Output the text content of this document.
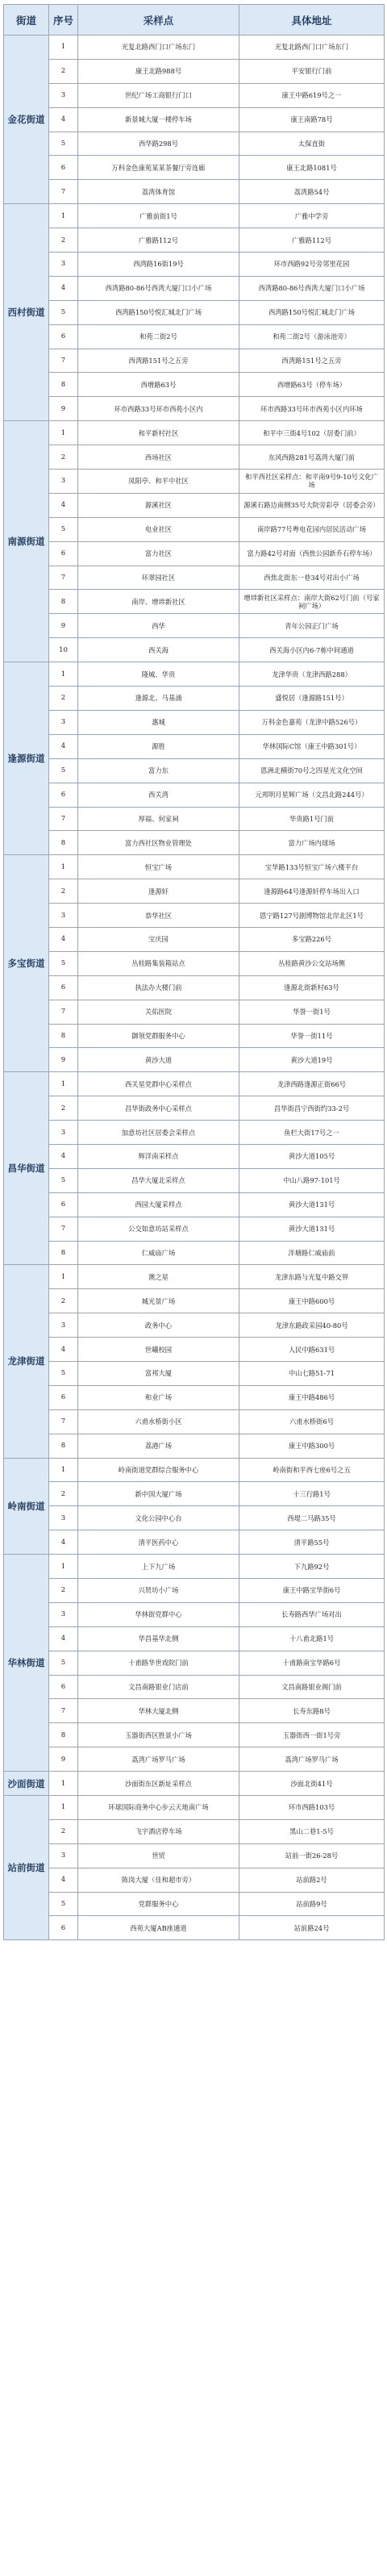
街道	序号	采样点	具体地址
金花街道	1	光复北路西门口广场东门	光复北路西门口广场东门
	2	康王北路988号	平安银行门前
	3	世纪广场工商银行门口	康王中路619号之一
	4	新景城大厦一楼停车场	康王南路78号
	5	西华路298号	太保直街
	6	万科金色康苑某某茶餐厅旁连廊	康王北路1081号
	7	荔湾体育馆	荔湾路54号
西村街道	1	广雅前街1号	广雅中学旁
	2	广雅路112号	广雅路112号
	3	西湾路16街19号	环市西路92号旁邻里花园
	4	西湾路80-86号西湾大厦门口小广场	西湾路80-86号西湾大厦门口小广场
	5	西湾路150号悦汇城北门广场	西湾路150号悦汇城北门广场
	6	和苑二街2号	和苑二街2号（游泳池旁）
	7	西湾路151号之五旁	西湾路151号之五旁
	8	西增路63号	西增路63号（停车场）
	9	环市西路33号环市西苑小区内	环市西路33号环市西苑小区内环场
南源街道	1	和平新村社区	和平中三街4号102（居委门前）
	2	西场社区	东风西路281号荔湾大厦门前
	3	凤阳亭、和平中社区	和平西社区采样点：和平南9号9-10号文化广场
	4	源溪社区	源溪石路边南侧35号大院旁彩亭（居委会旁）
	5	电业社区	南岸路77号粤电花园内居民活动广场
	6	富力社区	富力路42号对面（西焦公园新乔石停车场）
	7	环翠园社区	西焦北街东一巷34号对出小广场
	8	南岸、增埗新社区	增埗新社区采样点：南岸大街62号门前（号家祠广场）
	9	西华	青年公园正门广场
	10	西关海	西关海小区内6-7栋中间通道
逢源街道	1	隆城、华贵	龙津华贵（龙津西路288）
	2	逢源北、马基涌	盛悦居（逢源路151号）
	3	惠城	万科金色嘉苑（龙津中路526号）
	4	源胜	华林国际C馆（康王中路301号）
	5	富力东	恩洲北横街70号之四星光文化空间
	6	西关湾	元邦明月星辉广场（文昌北路244号）
	7	厚福、何家祠	华贵路1号门前
	8	富力西社区物业管理处	富力广场内球场
多宝街道	1	恒宝广场	宝华路133号恒宝广场六楼平台
	2	逢源轩	逢源路64号逢源轩停车场出入口
	3	恭华社区	恩宁路127号剧博物馆北岸北区1号
	4	宝庆园	多宝路226号
	5	丛桂路集装箱站点	丛桂路黄沙公交站场侧
	6	执法办大楼门前	逢源北街新村63号
	7	关佑医院	华誉一街1号
	8	御领党群服务中心	华誉一街11号
	9	黄沙大道	黄沙大道19号
昌华街道	1	西关星党群中心采样点	龙津西路逢源正街66号
	2	昌华街政务中心采样点	昌华街昌宁西街约33-2号
	3	加意坊社区居委会采样点	鱼栏大街17号之一
	4	辉洋南采样点	黄沙大道105号
	5	昌华大厦北采样点	中山八路97-101号
	6	西园大厦采样点	黄沙大道131号
	7	公交如意坊站采样点	黄沙大道131号
	8	仁威庙广场	泮塘路仁威庙前
龙津街道	1	澳之星	龙津东路与光复中路交界
	2	城光景广场	康王中路600号
	3	政务中心	龙津东路政采园40-80号
	4	世曦校园	人民中路631号
	5	富邦大厦	中山七路51-71
	6	和业广场	康王中路486号
	7	六甫水桥街小区	六甫水桥街6号
	8	荔港广场	康王中路300号
岭南街道	1	岭南街道党群综合服务中心	岭南街和平西七座6号之五
	2	新中国大厦广场	十三行路1号
	3	文化公园中心台	西堤二马路35号
	4	清平医药中心	清平路55号
华林街道	1	上下九广场	下九路92号
	2	兴贤坊小广场	康王中路宝华街6号
	3	华林街党群中心	长寿路西华广场对出
	4	华昌基华北侧	十八甫北路1号
	5	十甫路华世戏院门前	十甫路南宝华路6号
	6	文昌南路银业门店前	文昌南路银业阁门前
	7	华林大厦北侧	长寿东路8号
	8	玉器街西区胜景小广场	玉器街西一街1号旁
	9	荔湾广场罗马广场	荔湾广场罗马广场
沙面街道	1	沙面街东区新址采样点	沙面北街41号
站前街道	1	环球国际商务中心步云天地南广场	环市西路103号
	2	飞宇酒店停车场	黑山二巷1-5号
	3	世贸	站前一街26-28号
	4	陈岗大厦（佳和超市旁）	站前路2号
	5	党群服务中心	站前路9号
	6	西苑大厦AB座通道	站前路24号
